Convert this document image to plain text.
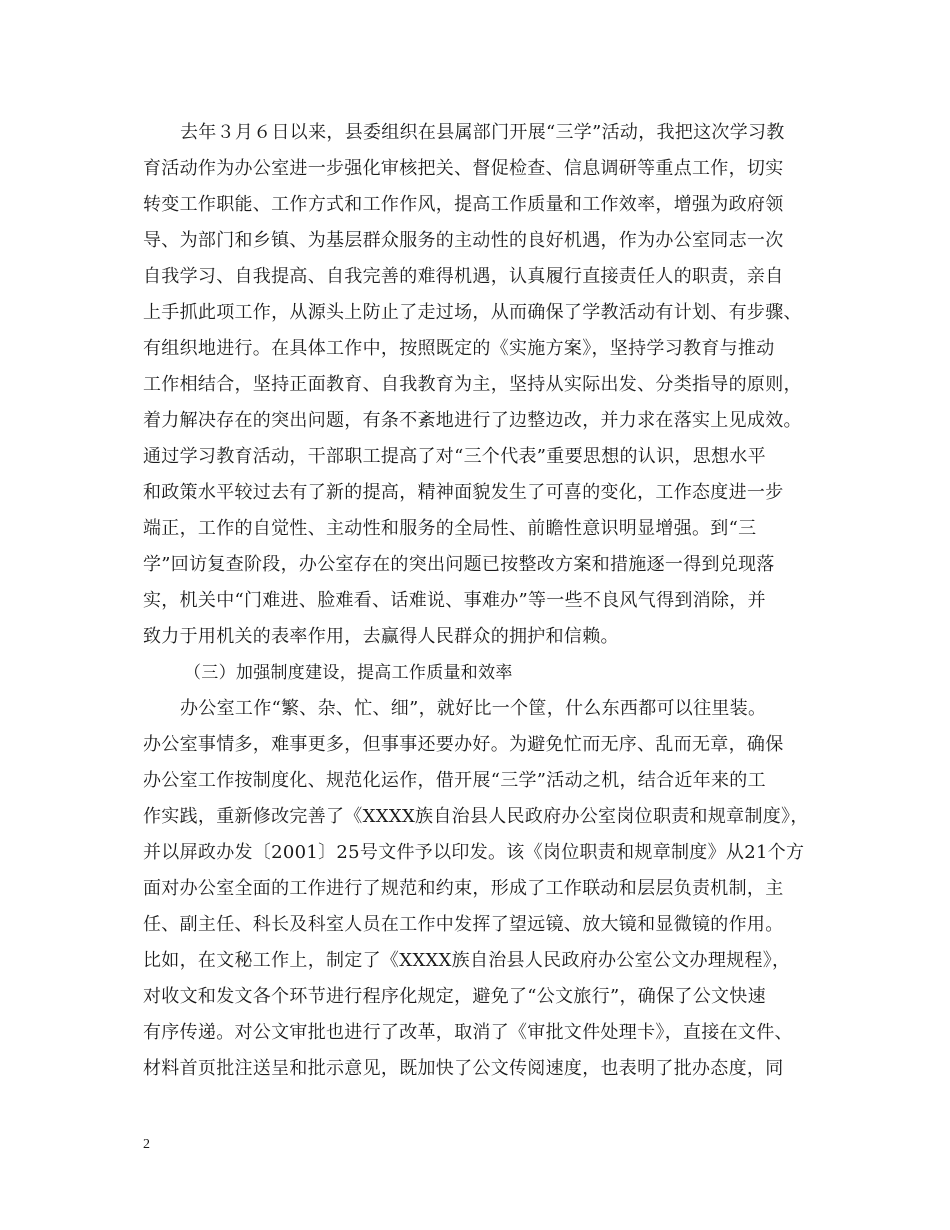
去年３月６日以来，县委组织在县属部门开展“三学”活动，我把这次学习教
育活动作为办公室进一步强化审核把关、督促检查、信息调研等重点工作，切实
转变工作职能、工作方式和工作作风，提高工作质量和工作效率，增强为政府领
导、为部门和乡镇、为基层群众服务的主动性的良好机遇，作为办公室同志一次
自我学习、自我提高、自我完善的难得机遇，认真履行直接责任人的职责，亲自
上手抓此项工作，从源头上防止了走过场，从而确保了学教活动有计划、有步骤、
有组织地进行。在具体工作中，按照既定的《实施方案》，坚持学习教育与推动
工作相结合，坚持正面教育、自我教育为主，坚持从实际出发、分类指导的原则，
着力解决存在的突出问题，有条不紊地进行了边整边改，并力求在落实上见成效。
通过学习教育活动，干部职工提高了对“三个代表”重要思想的认识，思想水平
和政策水平较过去有了新的提高，精神面貌发生了可喜的变化，工作态度进一步
端正，工作的自觉性、主动性和服务的全局性、前瞻性意识明显增强。到“三
学”回访复查阶段，办公室存在的突出问题已按整改方案和措施逐一得到兑现落
实，机关中“门难进、脸难看、话难说、事难办”等一些不良风气得到消除，并
致力于用机关的表率作用，去赢得人民群众的拥护和信赖。
（三）加强制度建设，提高工作质量和效率
办公室工作“繁、杂、忙、细”，就好比一个筐，什么东西都可以往里装。
办公室事情多，难事更多，但事事还要办好。为避免忙而无序、乱而无章，确保
办公室工作按制度化、规范化运作，借开展“三学”活动之机，结合近年来的工
作实践，重新修改完善了《XXXX族自治县人民政府办公室岗位职责和规章制度》，
并以屏政办发〔2001〕25号文件予以印发。该《岗位职责和规章制度》从21个方
面对办公室全面的工作进行了规范和约束，形成了工作联动和层层负责机制，主
任、副主任、科长及科室人员在工作中发挥了望远镜、放大镜和显微镜的作用。
比如，在文秘工作上，制定了《XXXX族自治县人民政府办公室公文办理规程》，
对收文和发文各个环节进行程序化规定，避免了“公文旅行”，确保了公文快速
有序传递。对公文审批也进行了改革，取消了《审批文件处理卡》，直接在文件、
材料首页批注送呈和批示意见，既加快了公文传阅速度，也表明了批办态度，同
2
